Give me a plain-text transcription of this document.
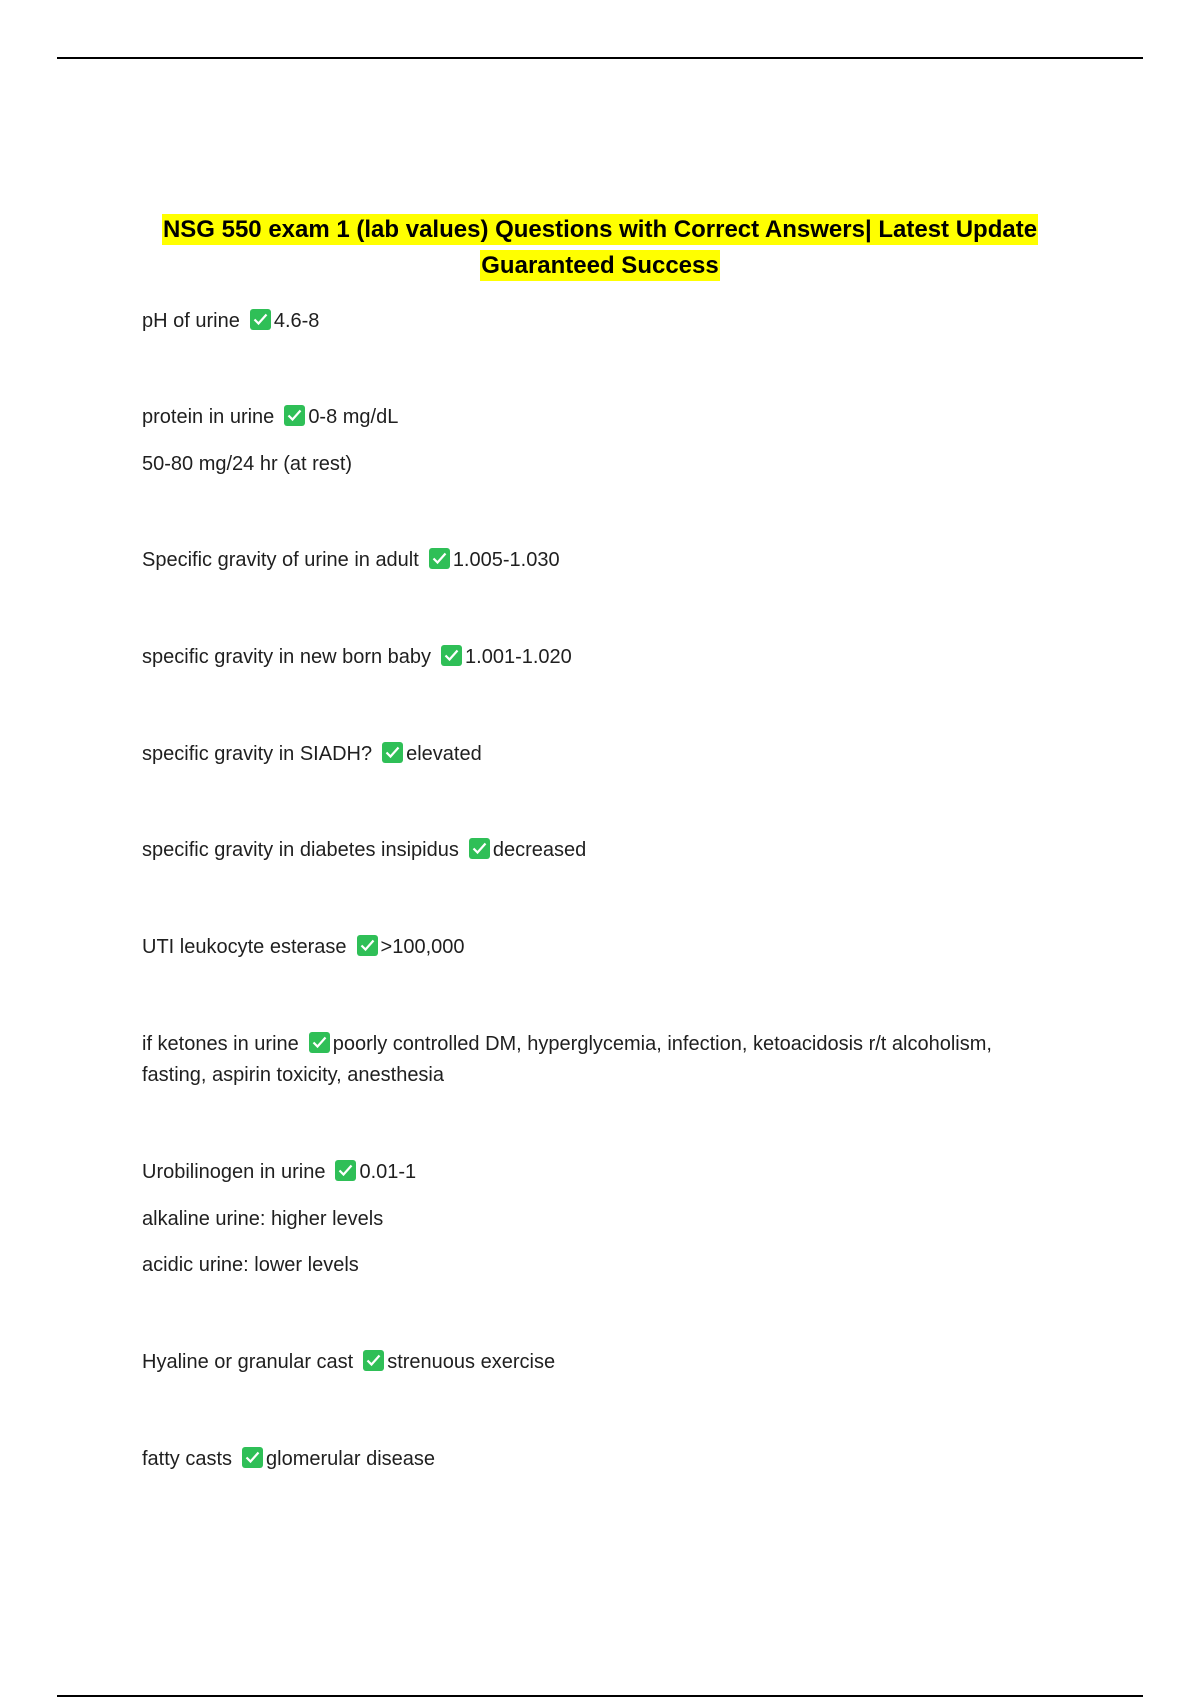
NSG 550 exam 1 (lab values) Questions with Correct Answers| Latest Update
Guaranteed Success
pH of urine 4.6-8
protein in urine 0-8 mg/dL
50-80 mg/24 hr (at rest)
Specific gravity of urine in adult 1.005-1.030
specific gravity in new born baby 1.001-1.020
specific gravity in SIADH? elevated
specific gravity in diabetes insipidus decreased
UTI leukocyte esterase >100,000
if ketones in urine poorly controlled DM, hyperglycemia, infection, ketoacidosis r/t alcoholism, fasting, aspirin toxicity, anesthesia
Urobilinogen in urine 0.01-1
alkaline urine: higher levels
acidic urine: lower levels
Hyaline or granular cast strenuous exercise
fatty casts glomerular disease
